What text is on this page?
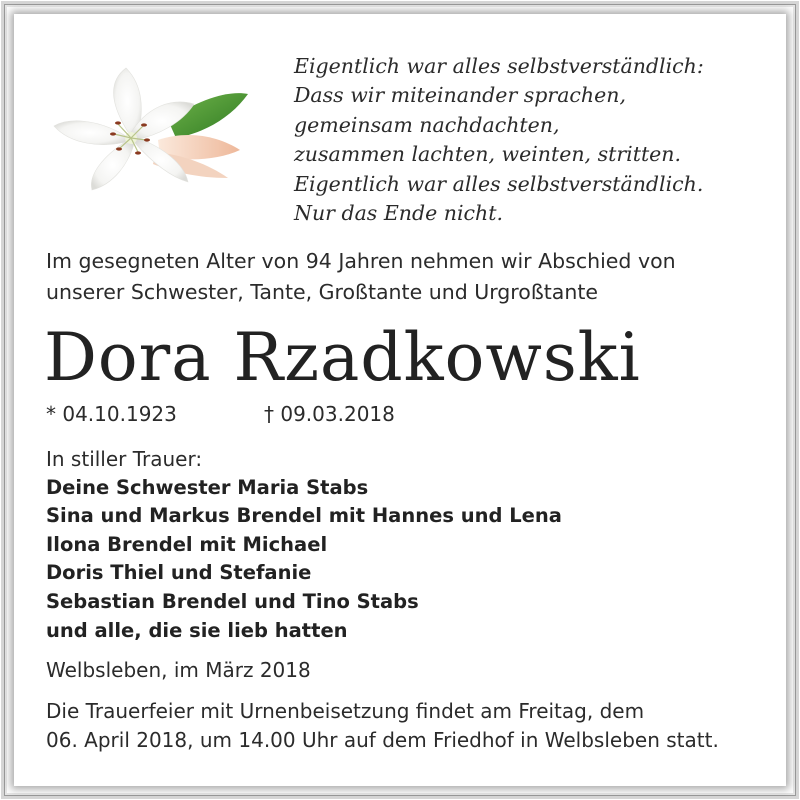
Eigentlich war alles selbstverständlich:
Dass wir miteinander sprachen,
gemeinsam nachdachten,
zusammen lachten, weinten, stritten.
Eigentlich war alles selbstverständlich.
Nur das Ende nicht.
Im gesegneten Alter von 94 Jahren nehmen wir Abschied von
unserer Schwester, Tante, Großtante und Urgroßtante
Dora Rzadkowski
* 04.10.1923	† 09.03.2018
In stiller Trauer:
Deine Schwester Maria Stabs
Sina und Markus Brendel mit Hannes und Lena
Ilona Brendel mit Michael
Doris Thiel und Stefanie
Sebastian Brendel und Tino Stabs
und alle, die sie lieb hatten
Welbsleben, im März 2018
Die Trauerfeier mit Urnenbeisetzung findet am Freitag, dem
06. April 2018, um 14.00 Uhr auf dem Friedhof in Welbsleben statt.
